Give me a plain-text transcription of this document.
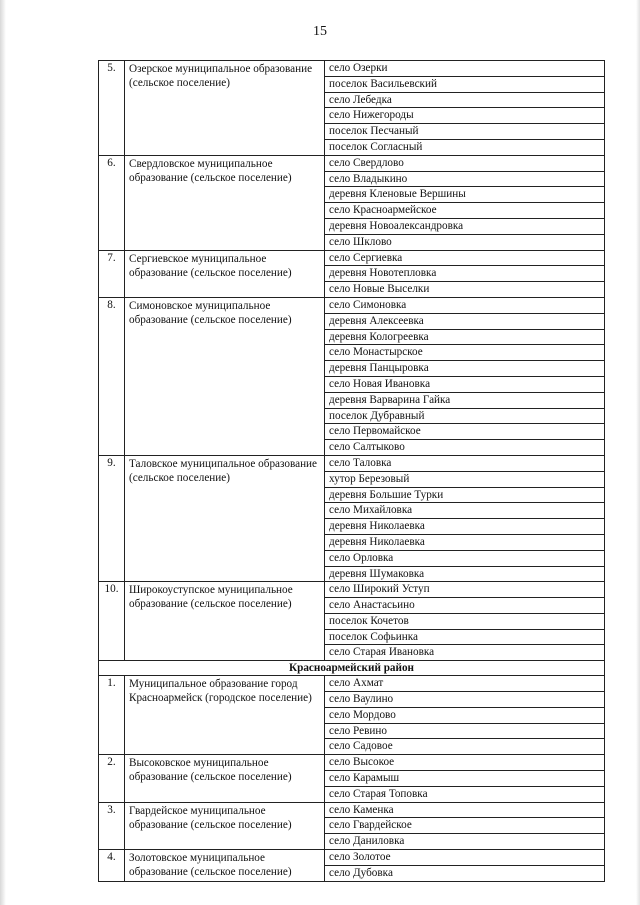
15
5.	Озерское муниципальное образование (сельское поселение)	село Озерки
		поселок Васильевский
		село Лебедка
		село Нижегороды
		поселок Песчаный
		поселок Согласный
6.	Свердловское муниципальное образование (сельское поселение)	село Свердлово
		село Владыкино
		деревня Кленовые Вершины
		село Красноармейское
		деревня Новоалександровка
		село Шклово
7.	Сергиевское муниципальное образование (сельское поселение)	село Сергиевка
		деревня Новотепловка
		село Новые Выселки
8.	Симоновское муниципальное образование (сельское поселение)	село Симоновка
		деревня Алексеевка
		деревня Кологреевка
		село Монастырское
		деревня Панцыровка
		село Новая Ивановка
		деревня Варварина Гайка
		поселок Дубравный
		село Первомайское
		село Салтыково
9.	Таловское муниципальное образование (сельское поселение)	село Таловка
		хутор Березовый
		деревня Большие Турки
		село Михайловка
		деревня Николаевка
		деревня Николаевка
		село Орловка
		деревня Шумаковка
10.	Широкоуступское муниципальное образование (сельское поселение)	село Широкий Уступ
		село Анастасьино
		поселок Кочетов
		поселок Софьинка
		село Старая Ивановка
Красноармейский район		
1.	Муниципальное образование город Красноармейск (городское поселение)	село Ахмат
		село Ваулино
		село Мордово
		село Ревино
		село Садовое
2.	Высоковское муниципальное образование (сельское поселение)	село Высокое
		село Карамыш
		село Старая Топовка
3.	Гвардейское муниципальное образование (сельское поселение)	село Каменка
		село Гвардейское
		село Даниловка
4.	Золотовское муниципальное образование (сельское поселение)	село Золотое
		село Дубовка
